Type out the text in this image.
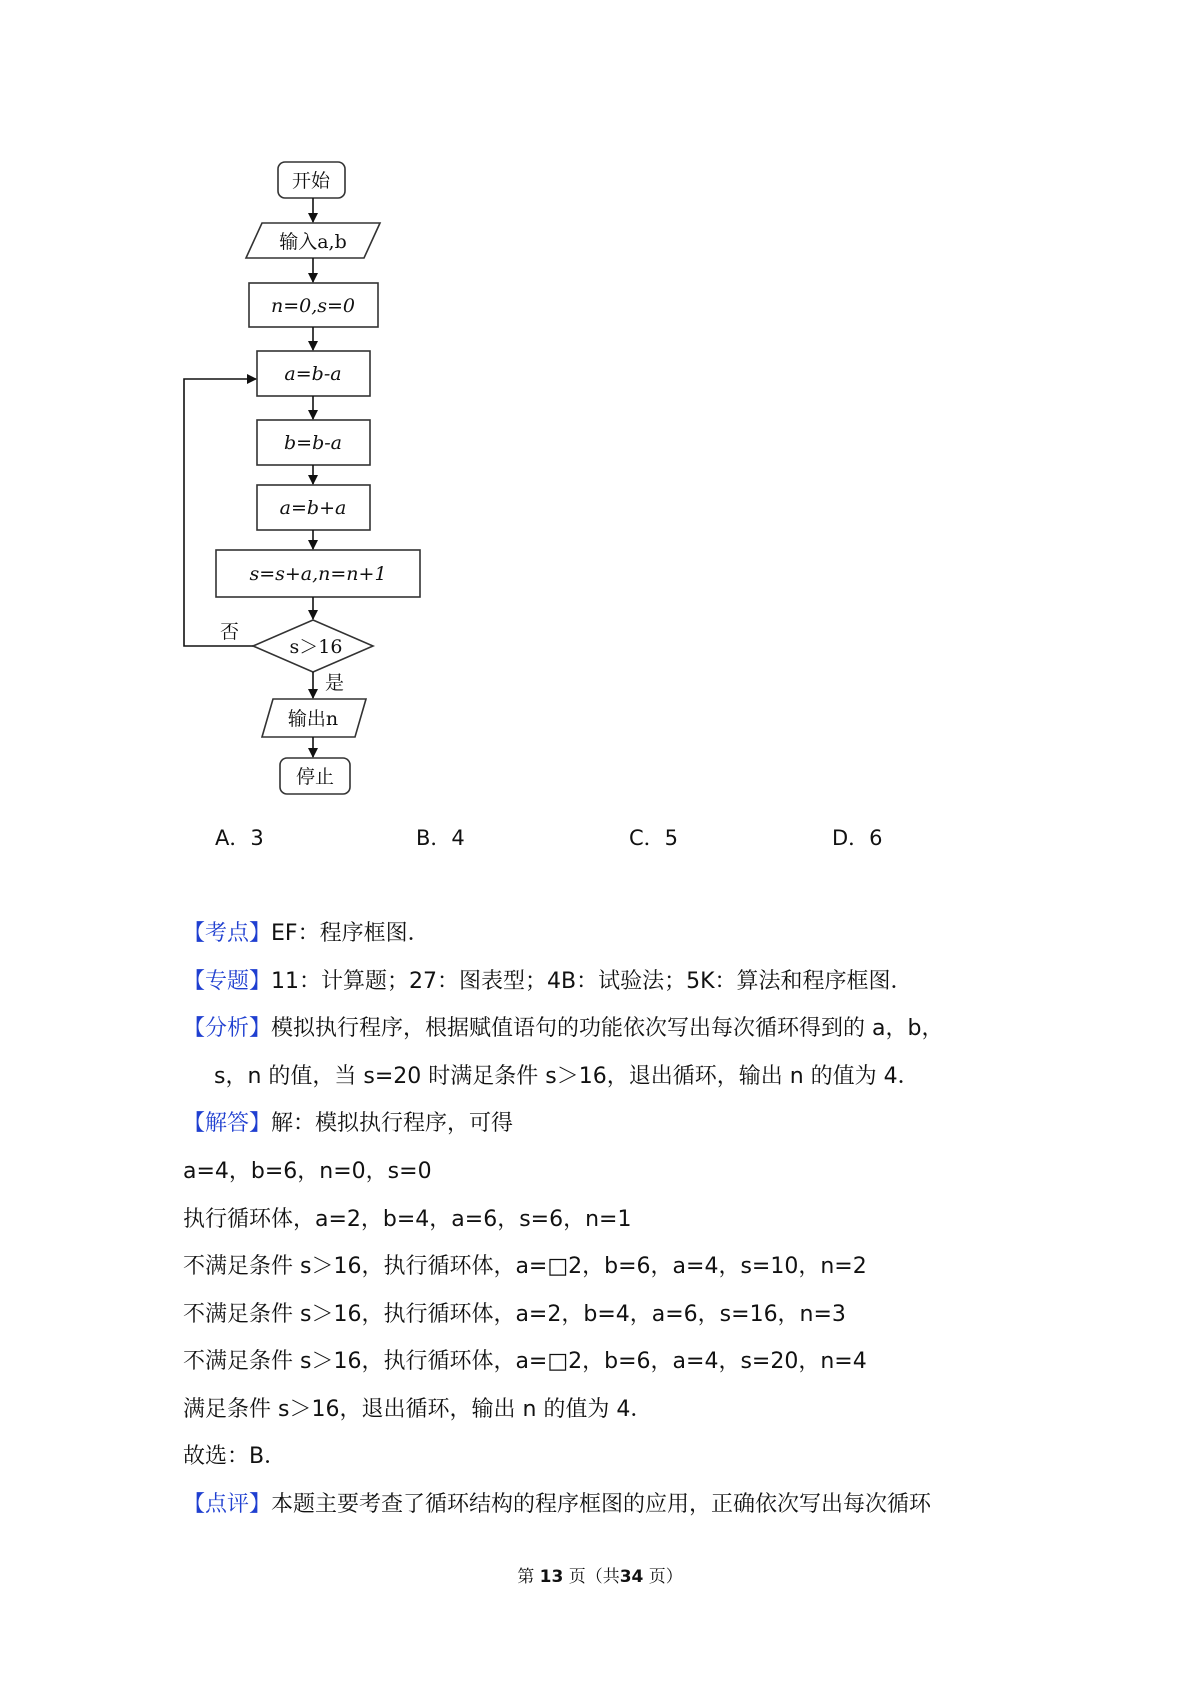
开始
输入a,b
n=0,s=0
a=b-a
b=b-a
a=b+a
s=s+a,n=n+1
s＞16
否
是
输出n
停止
A．3	B．4	C．5	D．6
【考点】EF：程序框图．
【专题】11：计算题；27：图表型；4B：试验法；5K：算法和程序框图．
【分析】模拟执行程序，根据赋值语句的功能依次写出每次循环得到的 a，b，
s，n 的值，当 s=20 时满足条件 s＞16，退出循环，输出 n 的值为 4．
【解答】解：模拟执行程序，可得
a=4，b=6，n=0，s=0
执行循环体，a=2，b=4，a=6，s=6，n=1
不满足条件 s＞16，执行循环体，a=□2，b=6，a=4，s=10，n=2
不满足条件 s＞16，执行循环体，a=2，b=4，a=6，s=16，n=3
不满足条件 s＞16，执行循环体，a=□2，b=6，a=4，s=20，n=4
满足条件 s＞16，退出循环，输出 n 的值为 4．
故选：B．
【点评】本题主要考查了循环结构的程序框图的应用，正确依次写出每次循环
第 13 页（共34 页）
